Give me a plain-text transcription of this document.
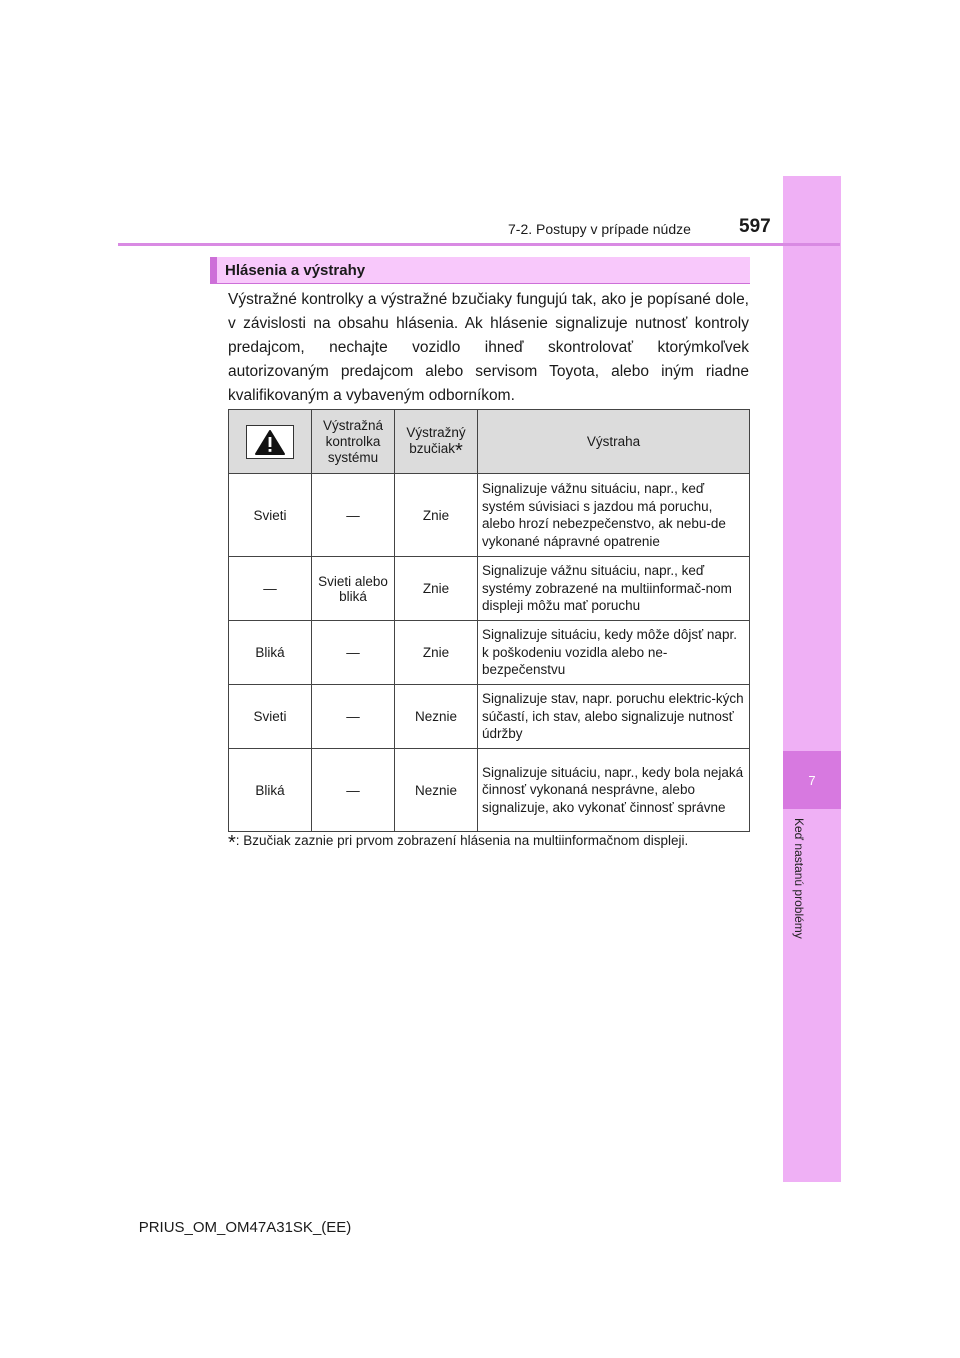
7
Keď nastanú problémy
7-2. Postupy v prípade núdze	597
Hlásenia a výstrahy

Výstražné kontrolky a výstražné bzučiaky fungujú tak, ako je popísané dole, v závislosti na obsahu hlásenia. Ak hlásenie signalizuje nutnosť kontroly predajcom, nechajte vozidlo ihneď skontrolovať ktorýmkoľvek autorizovaným predajcom alebo servisom Toyota, alebo iným riadne kvalifikovaným a vybaveným odborníkom.

	Výstražná kontrolka systému	Výstražný bzučiak*	Výstraha
Svieti	—	Znie	Signalizuje vážnu situáciu, napr., keď systém súvisiaci s jazdou má poruchu, alebo hrozí nebezpečenstvo, ak nebu-de vykonané nápravné opatrenie
—	Svieti alebo bliká	Znie	Signalizuje vážnu situáciu, napr., keď systémy zobrazené na multiinformač-nom displeji môžu mať poruchu
Bliká	—	Znie	Signalizuje situáciu, kedy môže dôjsť napr. k poškodeniu vozidla alebo ne-bezpečenstvu
Svieti	—	Neznie	Signalizuje stav, napr. poruchu elektric-kých súčastí, ich stav, alebo signalizuje nutnosť údržby
Bliká	—	Neznie	Signalizuje situáciu, napr., kedy bola nejaká činnosť vykonaná nesprávne, alebo signalizuje, ako vykonať činnosť správne

*: Bzučiak zaznie pri prvom zobrazení hlásenia na multiinformačnom displeji.

PRIUS_OM_OM47A31SK_(EE)
